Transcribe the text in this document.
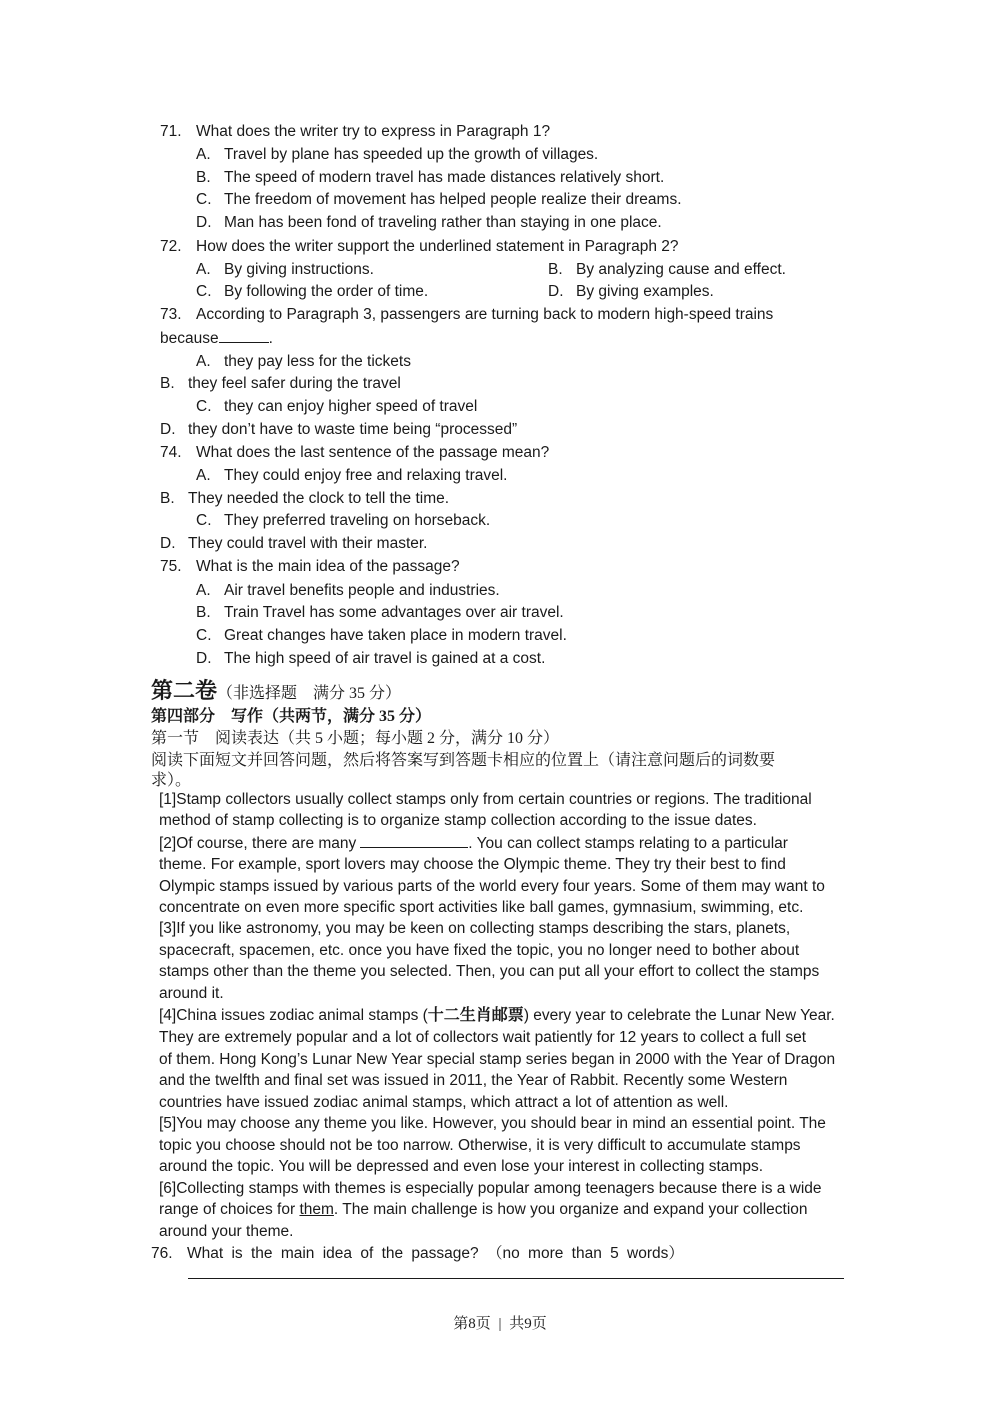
71. What does the writer try to express in Paragraph 1?
A. Travel by plane has speeded up the growth of villages.
B. The speed of modern travel has made distances relatively short.
C. The freedom of movement has helped people realize their dreams.
D. Man has been fond of traveling rather than staying in one place.
72. How does the writer support the underlined statement in Paragraph 2?
A. By giving instructions.	B. By analyzing cause and effect.
C. By following the order of time.	D. By giving examples.
73. According to Paragraph 3, passengers are turning back to modern high-speed trains
because	.
A. they pay less for the tickets
B. they feel safer during the travel
C. they can enjoy higher speed of travel
D. they don’t have to waste time being “processed”
74. What does the last sentence of the passage mean?
A. They could enjoy free and relaxing travel.
B. They needed the clock to tell the time.
C. They preferred traveling on horseback.
D. They could travel with their master.
75. What is the main idea of the passage?
A. Air travel benefits people and industries.
B. Train Travel has some advantages over air travel.
C. Great changes have taken place in modern travel.
D. The high speed of air travel is gained at a cost.
第二卷（非选择题　满分 35 分）
第四部分　写作（共两节，满分 35 分）
第一节　阅读表达（共 5 小题；每小题 2 分，满分 10 分）
阅读下面短文并回答问题，然后将答案写到答题卡相应的位置上（请注意问题后的词数要
求）。
[1]Stamp collectors usually collect stamps only from certain countries or regions. The traditional
method of stamp collecting is to organize stamp collection according to the issue dates.
[2]Of course, there are many	. You can collect stamps relating to a particular
theme. For example, sport lovers may choose the Olympic theme. They try their best to find
Olympic stamps issued by various parts of the world every four years. Some of them may want to
concentrate on even more specific sport activities like ball games, gymnasium, swimming, etc.
[3]If you like astronomy, you may be keen on collecting stamps describing the stars, planets,
spacecraft, spacemen, etc. once you have fixed the topic, you no longer need to bother about
stamps other than the theme you selected. Then, you can put all your effort to collect the stamps
around it.
[4]China issues zodiac animal stamps (十二生肖邮票) every year to celebrate the Lunar New Year.
They are extremely popular and a lot of collectors wait patiently for 12 years to collect a full set
of them. Hong Kong’s Lunar New Year special stamp series began in 2000 with the Year of Dragon
and the twelfth and final set was issued in 2011, the Year of Rabbit. Recently some Western
countries have issued zodiac animal stamps, which attract a lot of attention as well.
[5]You may choose any theme you like. However, you should bear in mind an essential point. The
topic you choose should not be too narrow. Otherwise, it is very difficult to accumulate stamps
around the topic. You will be depressed and even lose your interest in collecting stamps.
[6]Collecting stamps with themes is especially popular among teenagers because there is a wide
range of choices for them. The main challenge is how you organize and expand your collection
around your theme.
76. What is the main idea of the passage? （no more than 5 words）
第8页 | 共9页
